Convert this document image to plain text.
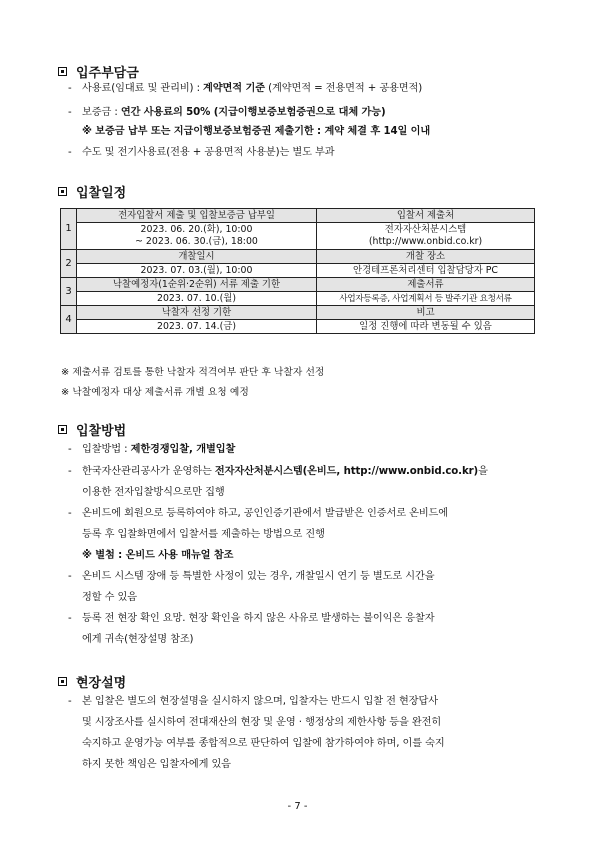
입주부담금
- 사용료(임대료 및 관리비) : 계약면적 기준 (계약면적 = 전용면적 + 공용면적)
- 보증금 : 연간 사용료의 50% (지급이행보증보험증권으로 대체 가능)
※ 보증금 납부 또는 지급이행보증보험증권 제출기한 : 계약 체결 후 14일 이내
- 수도 및 전기사용료(전용 + 공용면적 사용분)는 별도 부과
입찰일정
1	전자입찰서 제출 및 입찰보증금 납부일	입찰서 제출처
	2023. 06. 20.(화), 10:00
~ 2023. 06. 30.(금), 18:00	전자자산처분시스템
(http://www.onbid.co.kr)
2	개찰일시	개찰 장소
	2023. 07. 03.(월), 10:00	안경테프론처리센터 입찰담당자 PC
3	낙찰예정자(1순위·2순위) 서류 제출 기한	제출서류
	2023. 07. 10.(월)	사업자등록증, 사업계획서 등 발주기관 요청서류
4	낙찰자 선정 기한	비고
	2023. 07. 14.(금)	일정 진행에 따라 변동될 수 있음
※ 제출서류 검토를 통한 낙찰자 적격여부 판단 후 낙찰자 선정
※ 낙찰예정자 대상 제출서류 개별 요청 예정
입찰방법
- 입찰방법 : 제한경쟁입찰, 개별입찰
- 한국자산관리공사가 운영하는 전자자산처분시스템(온비드, http://www.onbid.co.kr)을
이용한 전자입찰방식으로만 집행
- 온비드에 회원으로 등록하여야 하고, 공인인증기관에서 발급받은 인증서로 온비드에
등록 후 입찰화면에서 입찰서를 제출하는 방법으로 진행
※ 별첨 : 온비드 사용 매뉴얼 참조
- 온비드 시스템 장애 등 특별한 사정이 있는 경우, 개찰일시 연기 등 별도로 시간을
정할 수 있음
- 등록 전 현장 확인 요망. 현장 확인을 하지 않은 사유로 발생하는 불이익은 응찰자
에게 귀속(현장설명 참조)
현장설명
- 본 입찰은 별도의 현장설명을 실시하지 않으며, 입찰자는 반드시 입찰 전 현장답사
및 시장조사를 실시하여 전대재산의 현장 및 운영 · 행정상의 제한사항 등을 완전히
숙지하고 운영가능 여부를 종합적으로 판단하여 입찰에 참가하여야 하며, 이를 숙지
하지 못한 책임은 입찰자에게 있음
- 7 -
